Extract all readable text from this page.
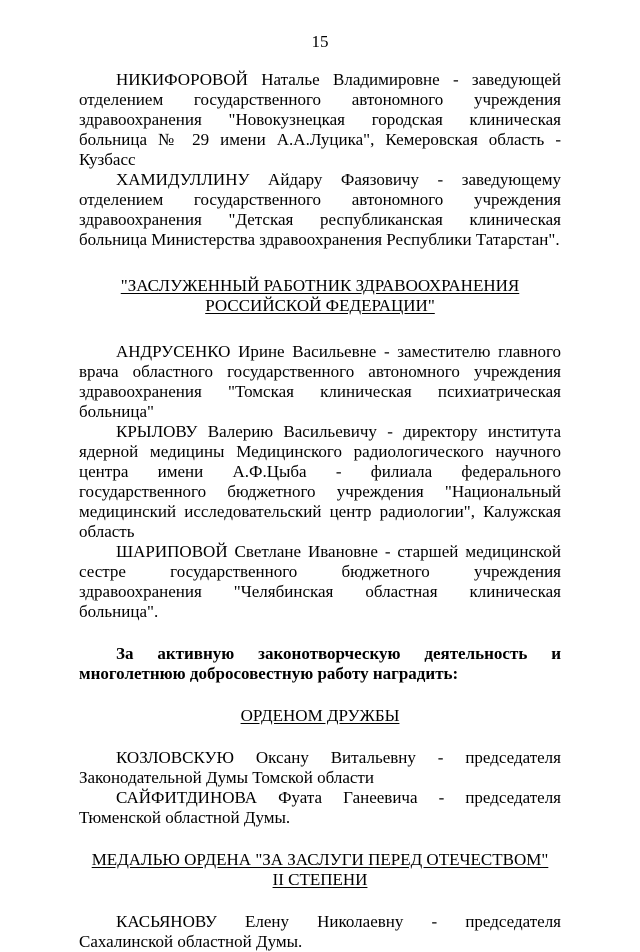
15

НИКИФОРОВОЙ Наталье Владимировне - заведующей отделением государственного автономного учреждения здравоохранения "Новокузнецкая городская клиническая больница № 29 имени А.А.Луцика", Кемеровская область - Кузбасс

ХАМИДУЛЛИНУ Айдару Фаязовичу - заведующему отделением государственного автономного учреждения здравоохранения "Детская республиканская клиническая больница Министерства здравоохранения Республики Татарстан".

"ЗАСЛУЖЕННЫЙ РАБОТНИК ЗДРАВООХРАНЕНИЯ
РОССИЙСКОЙ ФЕДЕРАЦИИ"

АНДРУСЕНКО Ирине Васильевне - заместителю главного врача областного государственного автономного учреждения здравоохранения "Томская клиническая психиатрическая больница"

КРЫЛОВУ Валерию Васильевичу - директору института ядерной медицины Медицинского радиологического научного центра имени А.Ф.Цыба - филиала федерального государственного бюджетного учреждения "Национальный медицинский исследовательский центр радиологии", Калужская область

ШАРИПОВОЙ Светлане Ивановне - старшей медицинской сестре государственного бюджетного учреждения здравоохранения "Челябинская областная клиническая больница".

За активную законотворческую деятельность и многолетнюю добросовестную работу наградить:

ОРДЕНОМ ДРУЖБЫ

КОЗЛОВСКУЮ Оксану Витальевну - председателя Законодательной Думы Томской области

САЙФИТДИНОВА Фуата Ганеевича - председателя Тюменской областной Думы.

МЕДАЛЬЮ ОРДЕНА "ЗА ЗАСЛУГИ ПЕРЕД ОТЕЧЕСТВОМ"
II СТЕПЕНИ

КАСЬЯНОВУ Елену Николаевну - председателя Сахалинской областной Думы.
